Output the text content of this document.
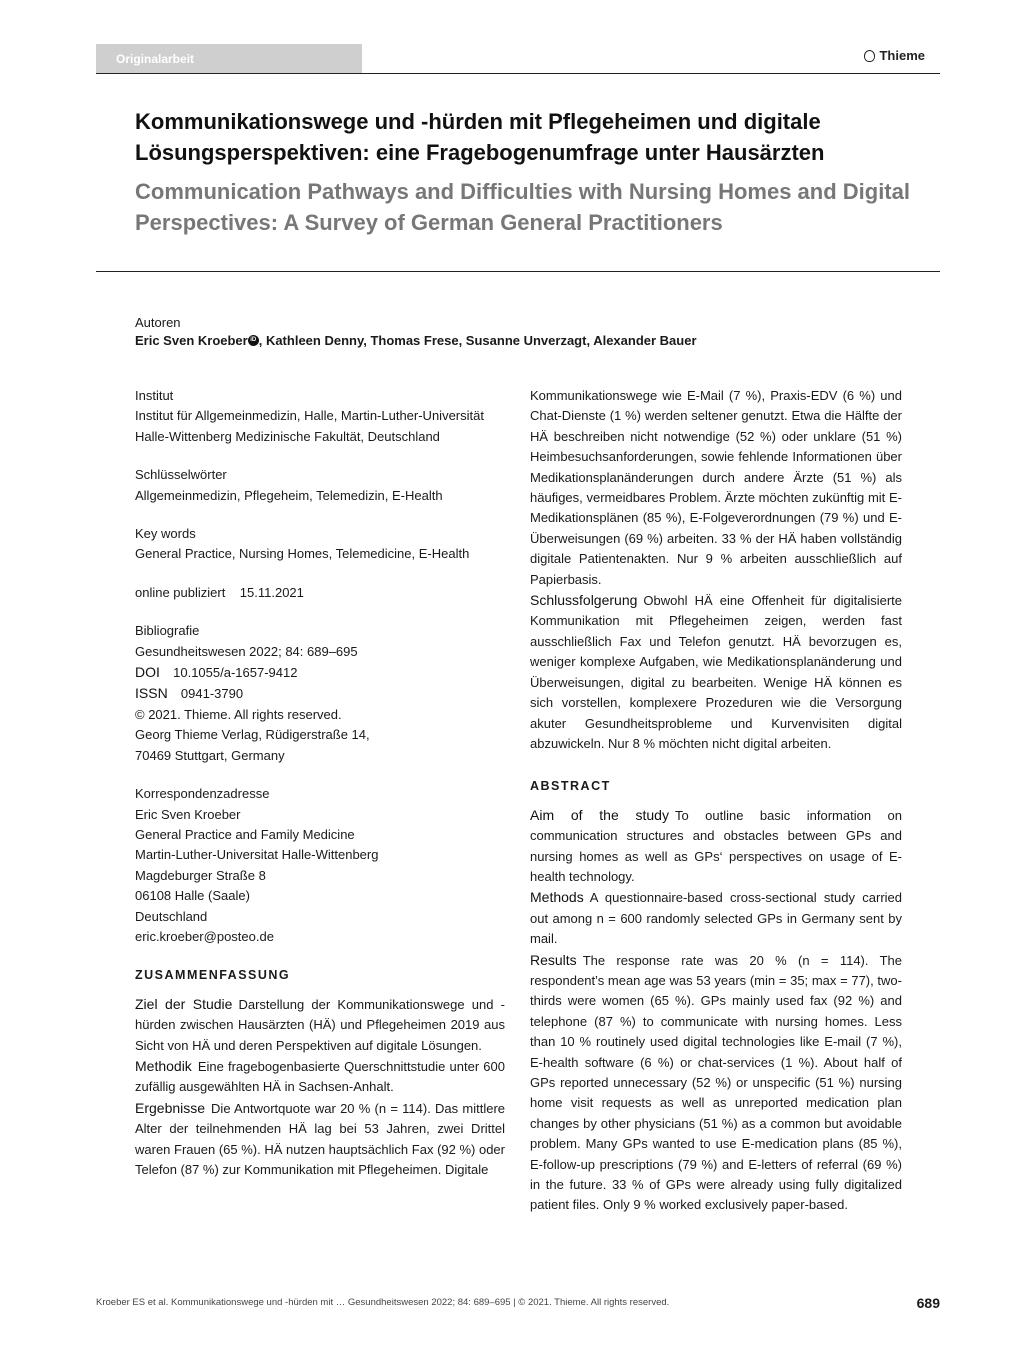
Originalarbeit	Thieme
Kommunikationswege und -hürden mit Pflegeheimen und digitale Lösungsperspektiven: eine Fragebogenumfrage unter Hausärzten
Communication Pathways and Difficulties with Nursing Homes and Digital Perspectives: A Survey of German General Practitioners
Autoren
Eric Sven Kroeber iD , Kathleen Denny, Thomas Frese, Susanne Unverzagt, Alexander Bauer
Institut
Institut für Allgemeinmedizin, Halle, Martin-Luther-Universität Halle-Wittenberg Medizinische Fakultät, Deutschland
Schlüsselwörter
Allgemeinmedizin, Pflegeheim, Telemedizin, E-Health
Key words
General Practice, Nursing Homes, Telemedicine, E-Health
online publiziert 15.11.2021
Bibliografie
Gesundheitswesen 2022; 84: 689–695
DOI 10.1055/a-1657-9412
ISSN 0941-3790
© 2021. Thieme. All rights reserved.
Georg Thieme Verlag, Rüdigerstraße 14,
70469 Stuttgart, Germany
Korrespondenzadresse
Eric Sven Kroeber
General Practice and Family Medicine
Martin-Luther-Universitat Halle-Wittenberg
Magdeburger Straße 8
06108 Halle (Saale)
Deutschland
eric.kroeber@posteo.de
ZUSAMMENFASSUNG

Ziel der Studie Darstellung der Kommunikationswege und -hürden zwischen Hausärzten (HÄ) und Pflegeheimen 2019 aus Sicht von HÄ und deren Perspektiven auf digitale Lösungen.

Methodik Eine fragebogenbasierte Querschnittstudie unter 600 zufällig ausgewählten HÄ in Sachsen-Anhalt.

Ergebnisse Die Antwortquote war 20 % (n = 114). Das mittlere Alter der teilnehmenden HÄ lag bei 53 Jahren, zwei Drittel waren Frauen (65 %). HÄ nutzen hauptsächlich Fax (92 %) oder Telefon (87 %) zur Kommunikation mit Pflegeheimen. Digitale

Kommunikationswege wie E-Mail (7 %), Praxis-EDV (6 %) und Chat-Dienste (1 %) werden seltener genutzt. Etwa die Hälfte der HÄ beschreiben nicht notwendige (52 %) oder unklare (51 %) Heimbesuchsanforderungen, sowie fehlende Informationen über Medikationsplanänderungen durch andere Ärzte (51 %) als häufiges, vermeidbares Problem. Ärzte möchten zukünftig mit E-Medikationsplänen (85 %), E-Folgeverordnungen (79 %) und E-Überweisungen (69 %) arbeiten. 33 % der HÄ haben vollständig digitale Patientenakten. Nur 9 % arbeiten ausschließlich auf Papierbasis.

Schlussfolgerung Obwohl HÄ eine Offenheit für digitalisierte Kommunikation mit Pflegeheimen zeigen, werden fast ausschließlich Fax und Telefon genutzt. HÄ bevorzugen es, weniger komplexe Aufgaben, wie Medikationsplanänderung und Überweisungen, digital zu bearbeiten. Wenige HÄ können es sich vorstellen, komplexere Prozeduren wie die Versorgung akuter Gesundheitsprobleme und Kurvenvisiten digital abzuwickeln. Nur 8 % möchten nicht digital arbeiten.

ABSTRACT

Aim of the study To outline basic information on communication structures and obstacles between GPs and nursing homes as well as GPs‘ perspectives on usage of E-health technology.

Methods A questionnaire-based cross-sectional study carried out among n = 600 randomly selected GPs in Germany sent by mail.

Results The response rate was 20 % (n = 114). The respondent’s mean age was 53 years (min = 35; max = 77), two-thirds were women (65 %). GPs mainly used fax (92 %) and telephone (87 %) to communicate with nursing homes. Less than 10 % routinely used digital technologies like E-mail (7 %), E-health software (6 %) or chat-services (1 %). About half of GPs reported unnecessary (52 %) or unspecific (51 %) nursing home visit requests as well as unreported medication plan changes by other physicians (51 %) as a common but avoidable problem. Many GPs wanted to use E-medication plans (85 %), E-follow-up prescriptions (79 %) and E-letters of referral (69 %) in the future. 33 % of GPs were already using fully digitalized patient files. Only 9 % worked exclusively paper-based.

Kroeber ES et al. Kommunikationswege und -hürden mit … Gesundheitswesen 2022; 84: 689–695 | © 2021. Thieme. All rights reserved.	689
